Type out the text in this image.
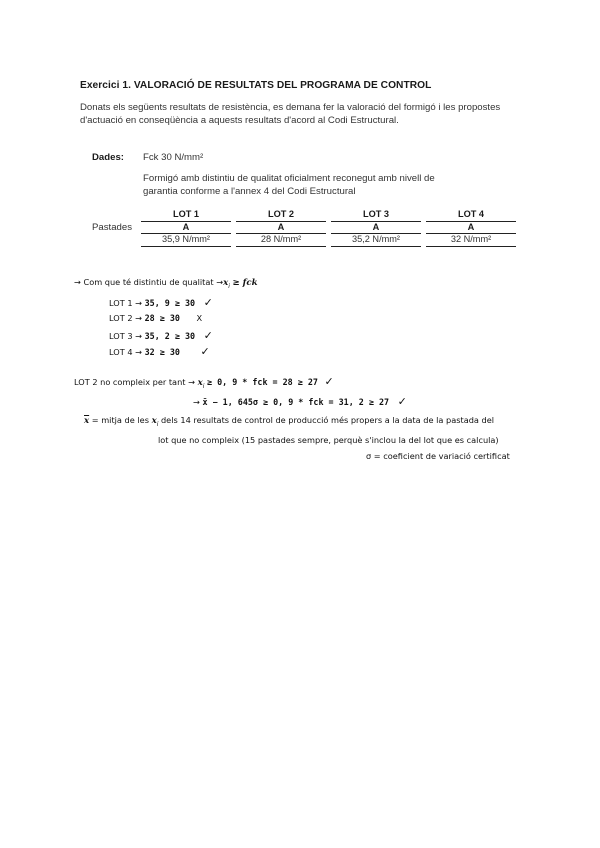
Exercici 1. VALORACIÓ DE RESULTATS DEL PROGRAMA DE CONTROL
Donats els següents resultats de resistència, es demana fer la valoració del formigó i les propostes d'actuació en conseqüència a aquests resultats d'acord al Codi Estructural.
Dades: Fck 30 N/mm²
Formigó amb distintiu de qualitat oficialment reconegut amb nivell de garantia conforme a l'annex 4 del Codi Estructural
Pastades
LOT 1	LOT 2	LOT 3	LOT 4
A	A	A	A
35,9 N/mm²	28 N/mm²	35,2 N/mm²	32 N/mm²
→ Com que té distintiu de qualitat $\to x_i$ ≥ fck
LOT 1 → 35, 9 ≥ 30 ✓
LOT 2 → 28 ≥ 30 X
LOT 3 → 35, 2 ≥ 30 ✓
LOT 4 → 32 ≥ 30 ✓
LOT 2 no compleix per $\tan t \to x_i \ge 0$, 9 * fck = 28 ≥ 27 ✓
→ x̄ − 1, 645σ ≥ 0, 9 * fck = 31, 2 ≥ 27 ✓
$\overline{x}$ = mitja de les $x_i$ dels 14 resultats de control de producció més propers a la data de la pastada del
lot que no compleix (15 pastades sempre, perquè s'inclou la del lot que es calcula)
σ = coeficient de variació certificat
